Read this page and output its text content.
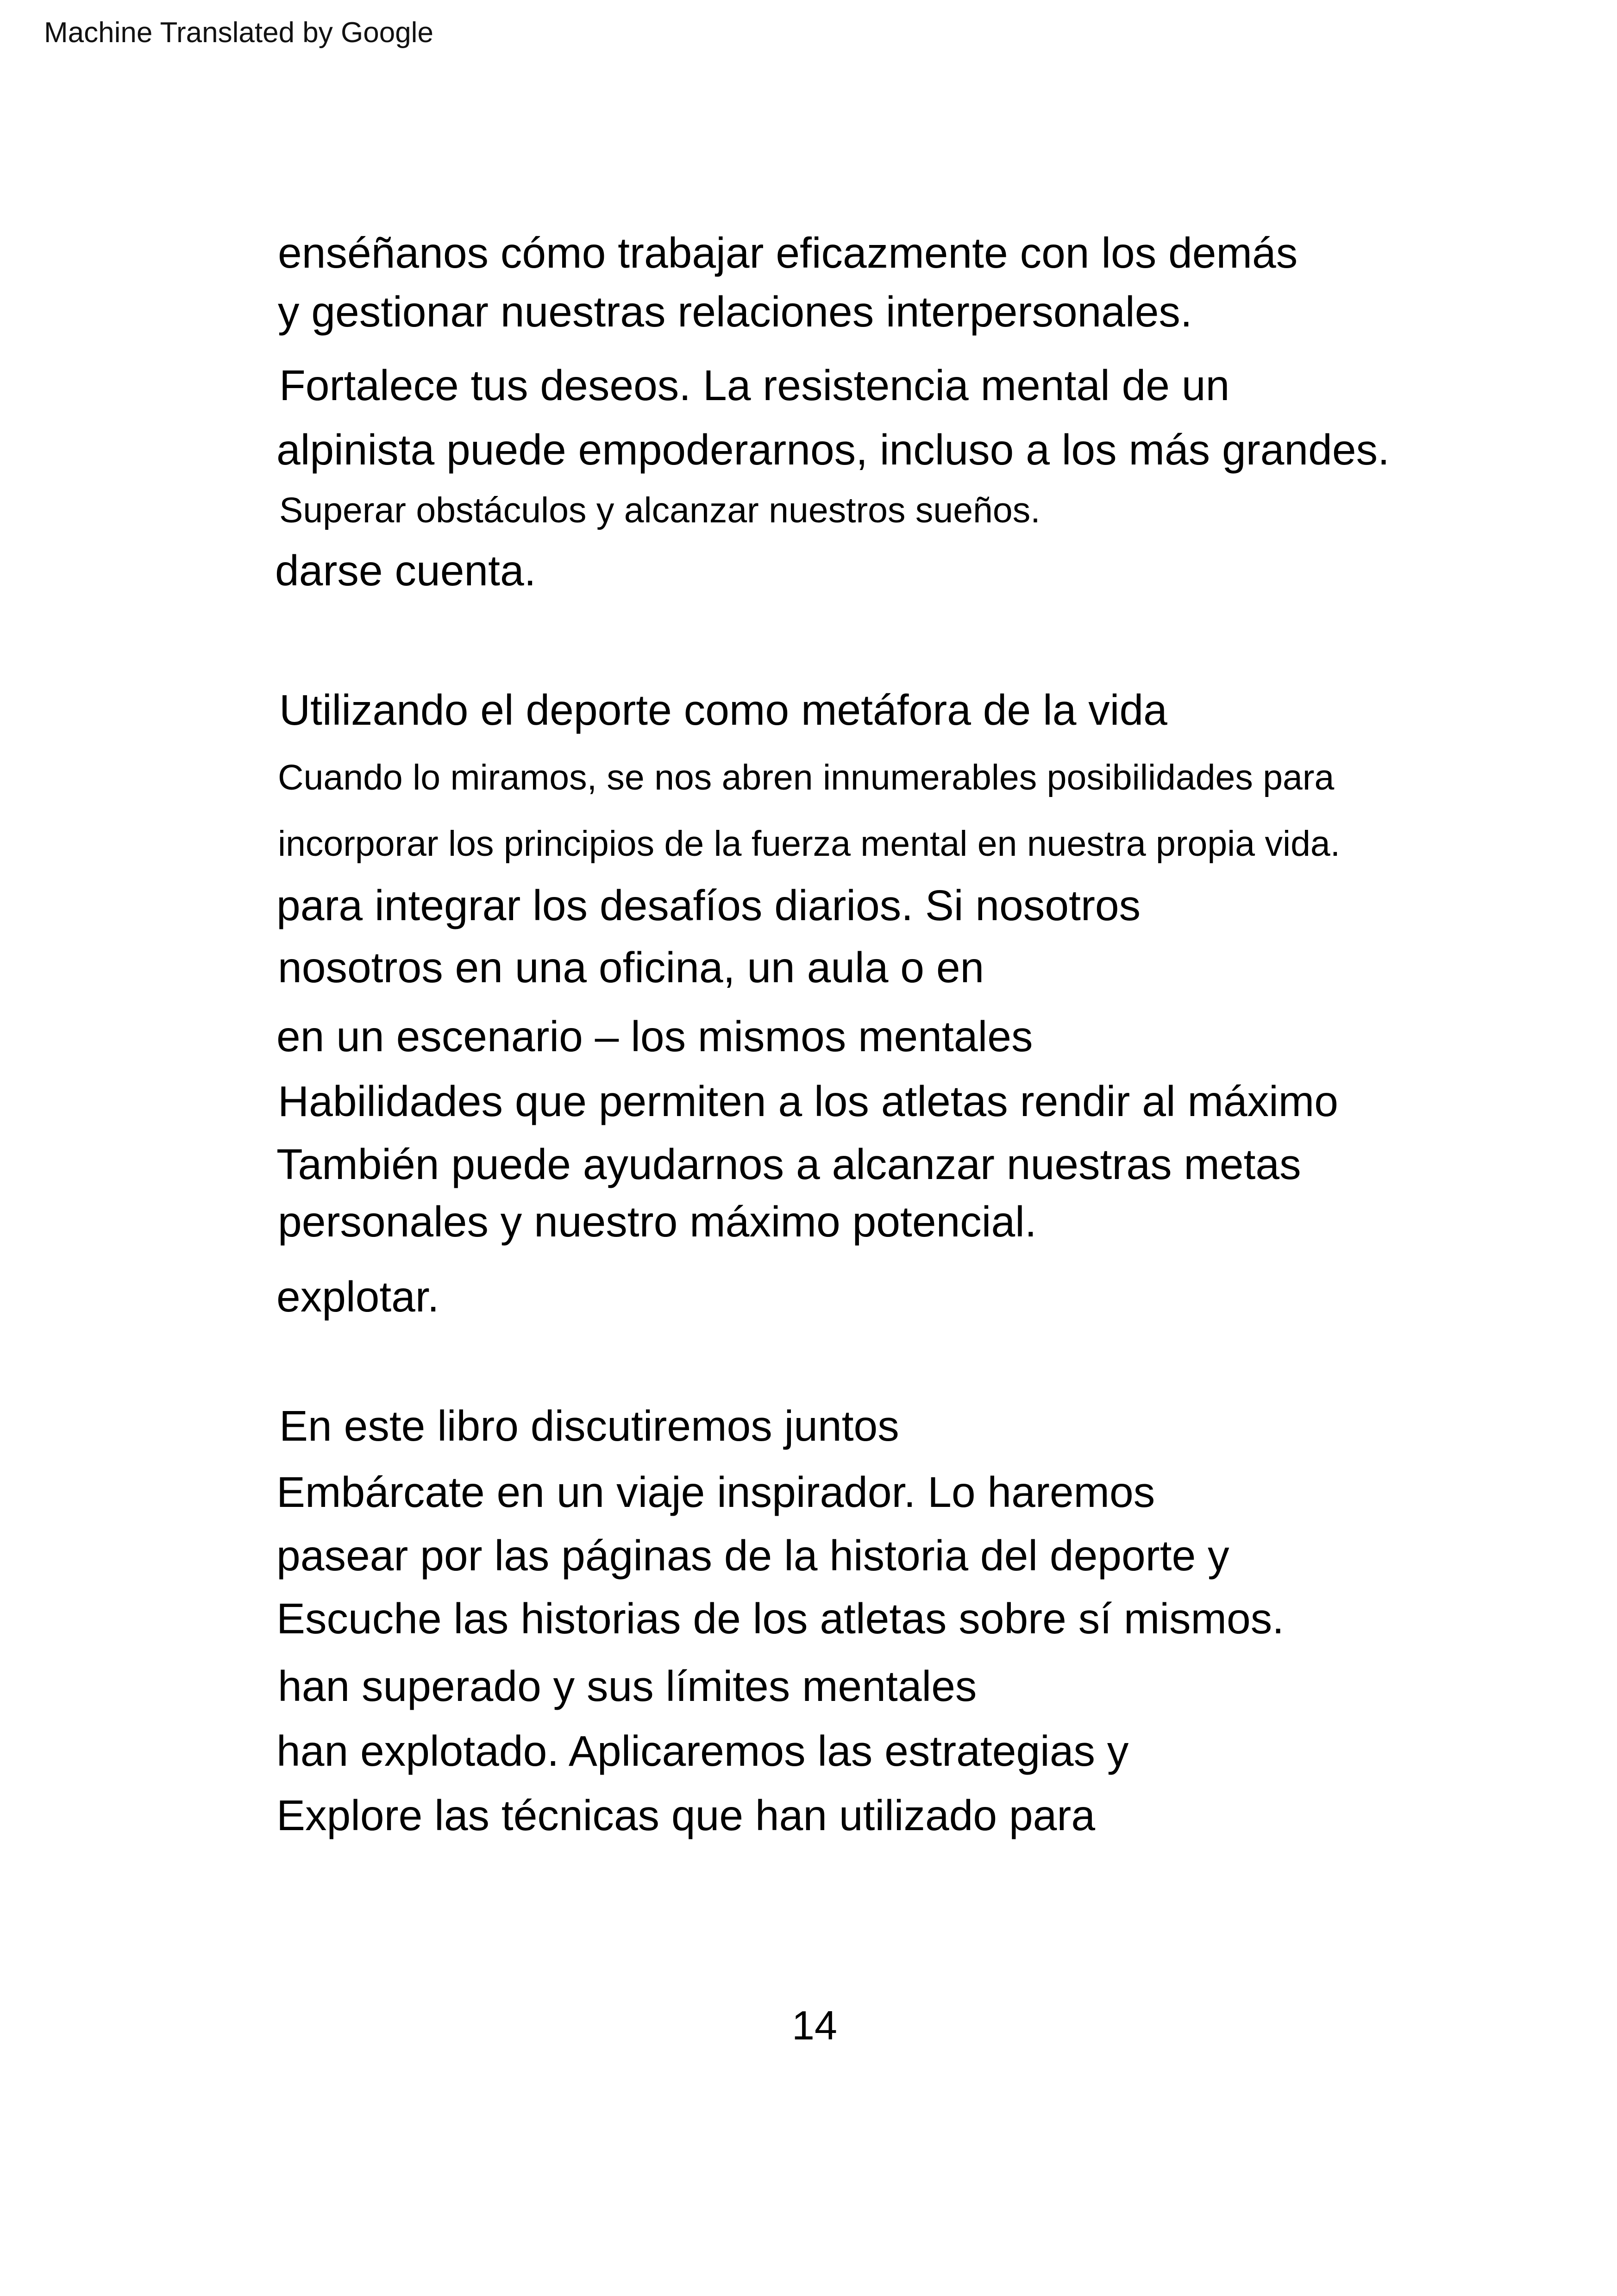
Machine Translated by Google
enséñanos cómo trabajar eficazmente con los demás
y gestionar nuestras relaciones interpersonales.
Fortalece tus deseos. La resistencia mental de un
alpinista puede empoderarnos, incluso a los más grandes.
Superar obstáculos y alcanzar nuestros sueños.
darse cuenta.
Utilizando el deporte como metáfora de la vida
Cuando lo miramos, se nos abren innumerables posibilidades para
incorporar los principios de la fuerza mental en nuestra propia vida.
para integrar los desafíos diarios. Si nosotros
nosotros en una oficina, un aula o en
en un escenario – los mismos mentales
Habilidades que permiten a los atletas rendir al máximo
También puede ayudarnos a alcanzar nuestras metas
personales y nuestro máximo potencial.
explotar.
En este libro discutiremos juntos
Embárcate en un viaje inspirador. Lo haremos
pasear por las páginas de la historia del deporte y
Escuche las historias de los atletas sobre sí mismos.
han superado y sus límites mentales
han explotado. Aplicaremos las estrategias y
Explore las técnicas que han utilizado para
14
